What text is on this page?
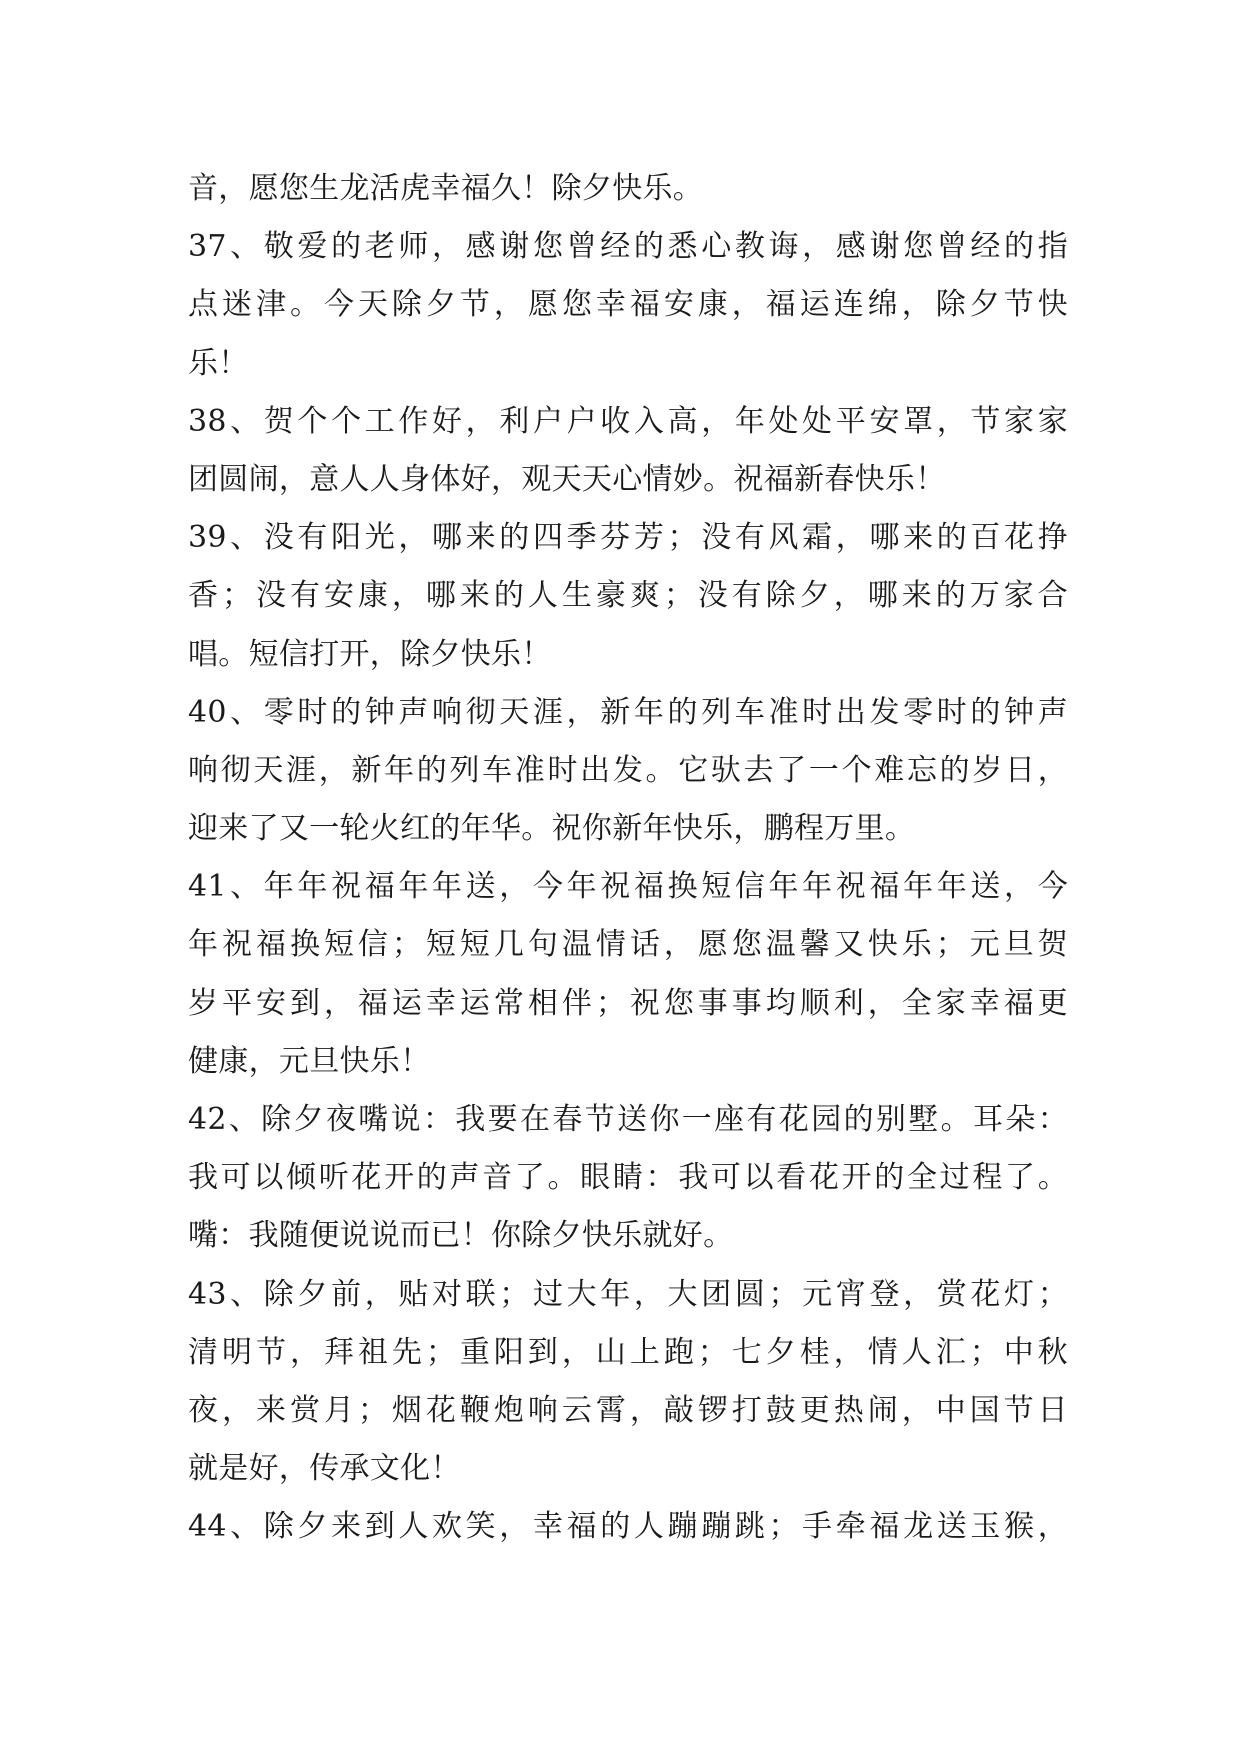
音，愿您生龙活虎幸福久！除夕快乐。
37、敬爱的老师，感谢您曾经的悉心教诲，感谢您曾经的指
点迷津。今天除夕节，愿您幸福安康，福运连绵，除夕节快
乐！
38、贺个个工作好，利户户收入高，年处处平安罩，节家家
团圆闹，意人人身体好，观天天心情妙。祝福新春快乐！
39、没有阳光，哪来的四季芬芳；没有风霜，哪来的百花挣
香；没有安康，哪来的人生豪爽；没有除夕，哪来的万家合
唱。短信打开，除夕快乐！
40、零时的钟声响彻天涯，新年的列车准时出发零时的钟声
响彻天涯，新年的列车准时出发。它驮去了一个难忘的岁日，
迎来了又一轮火红的年华。祝你新年快乐，鹏程万里。
41、年年祝福年年送，今年祝福换短信年年祝福年年送，今
年祝福换短信；短短几句温情话，愿您温馨又快乐；元旦贺
岁平安到，福运幸运常相伴；祝您事事均顺利，全家幸福更
健康，元旦快乐！
42、除夕夜嘴说：我要在春节送你一座有花园的别墅。耳朵：
我可以倾听花开的声音了。眼睛：我可以看花开的全过程了。
嘴：我随便说说而已！你除夕快乐就好。
43、除夕前，贴对联；过大年，大团圆；元宵登，赏花灯；
清明节，拜祖先；重阳到，山上跑；七夕桂，情人汇；中秋
夜，来赏月；烟花鞭炮响云霄，敲锣打鼓更热闹，中国节日
就是好，传承文化！
44、除夕来到人欢笑，幸福的人蹦蹦跳；手牵福龙送玉猴，
